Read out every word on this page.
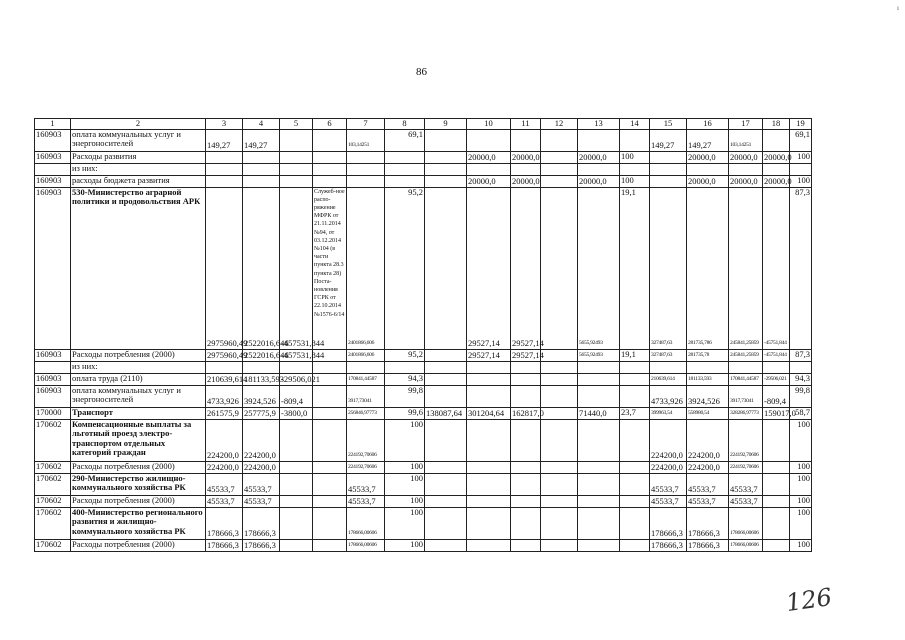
86
ı
1	2	3	4	5	6	7	8	9	10	11	12	13	14	15	16	17	18	19
160903	оплата коммунальных услуг и энергоносителей	149,27	149,27			103,14251	69,1							149,27	149,27	103,14251		69,1
160903	Расходы развития								20000,0	20000,0		20000,0	100		20000,0	20000,0	20000,0	100
	из них:																	
160903	расходы бюджета развития								20000,0	20000,0		20000,0	100		20000,0	20000,0	20000,0	100
160903	530-Министерство аграрной политики и продовольствия АРК	2975960,49	2522016,646	-457531,844	Служеб-ное распо-ряжение МФРК от 21.11.2014 №94, от 03.12.2014 №104 (в части пункта 28.3 пункта 28) Поста-новления ГСРК от 22.10.2014 №1576-6/14	2401866,606	95,2		29527,14	29527,14		5655,92493	19,1	327487,63	281735,786	245841,25859	-45751,844	87,3
160903	Расходы потребления (2000)	2975960,49	2522016,646	-457531,844		2401866,606	95,2		29527,14	29527,14		5655,92493	19,1	327487,63	281735,78	245841,25859	-45751,844	87,3
	из них:																	
160903	оплата труда (2110)	210639,614	181133,593	-29506,021		170841,44587	94,3							210639,614	181133,593	170841,44587	-29506,021	94,3
160903	оплата коммунальных услуг и энергоносителей	4733,926	3924,526	-809,4		3917,73041	99,8							4733,926	3924,526	3917,73041	-809,4	99,8
170000	Транспорт	261575,9	257775,9	-3800,0		256846,97773	99,6	138087,64	301204,64	162817,0		71440,0	23,7	399963,54	558980,54	328286,97773	159017,0	58,7
170602	Компенсационные выплаты за льготный проезд электро-транспортом отдельных категорий граждан	224200,0	224200,0			224192,70606	100							224200,0	224200,0	224192,70606		100
170602	Расходы потребления (2000)	224200,0	224200,0			224192,70606	100							224200,0	224200,0	224192,70606		100
170602	290-Министерство жилищно-коммунального хозяйства РК	45533,7	45533,7			45533,7	100							45533,7	45533,7	45533,7		100
170602	Расходы потребления (2000)	45533,7	45533,7			45533,7	100							45533,7	45533,7	45533,7		100
170602	400-Министерство регионального развития и жилищно-коммунального хозяйства РК	178666,3	178666,3			178666,00606	100							178666,3	178666,3	178666,00606		100
170602	Расходы потребления (2000)	178666,3	178666,3			178666,00606	100							178666,3	178666,3	178666,00606		100
126
